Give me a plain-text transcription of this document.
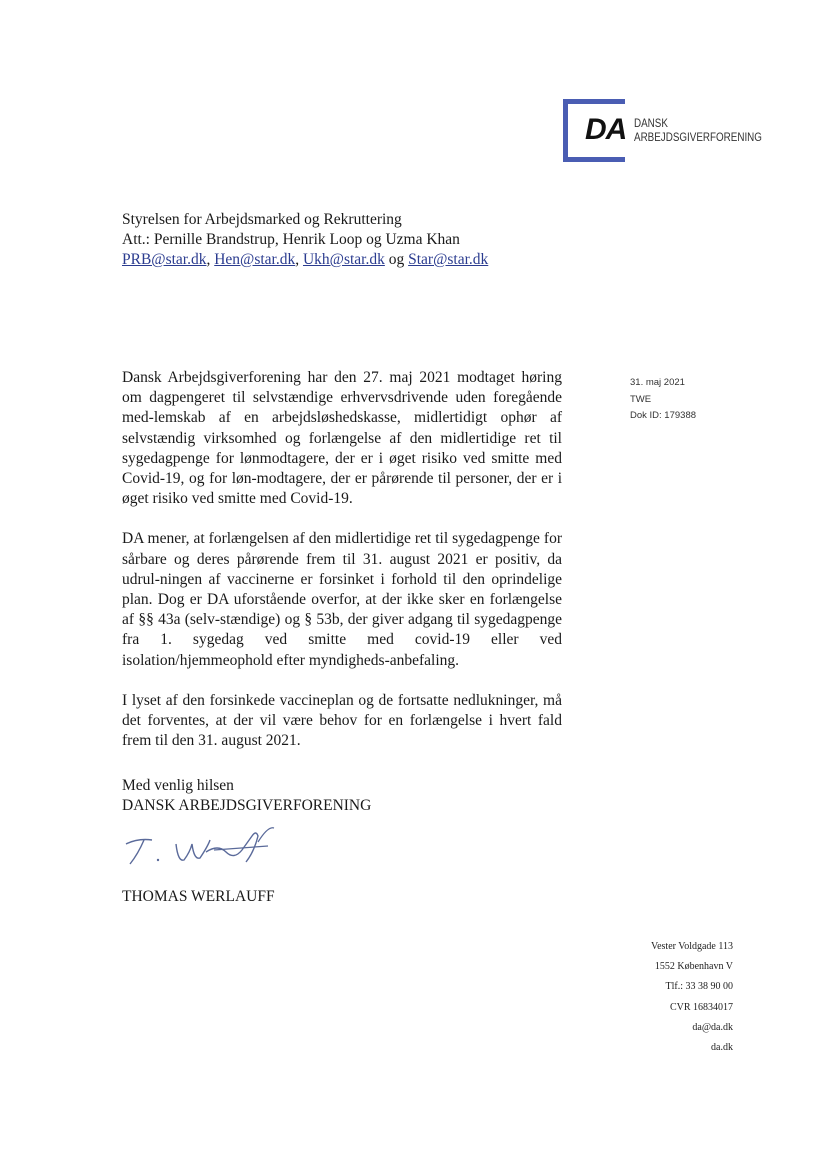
DA DANSK
ARBEJDSGIVERFORENING
Styrelsen for Arbejdsmarked og Rekruttering
Att.: Pernille Brandstrup, Henrik Loop og Uzma Khan
PRB@star.dk, Hen@star.dk, Ukh@star.dk og Star@star.dk
31. maj 2021
TWE
Dok ID: 179388

Dansk Arbejdsgiverforening har den 27. maj 2021 modtaget høring om dagpengeret til selvstændige erhvervsdrivende uden foregående med-lemskab af en arbejdsløshedskasse, midlertidigt ophør af selvstændig virksomhed og forlængelse af den midlertidige ret til sygedagpenge for lønmodtagere, der er i øget risiko ved smitte med Covid-19, og for løn-modtagere, der er pårørende til personer, der er i øget risiko ved smitte med Covid-19.

DA mener, at forlængelsen af den midlertidige ret til sygedagpenge for sårbare og deres pårørende frem til 31. august 2021 er positiv, da udrul-ningen af vaccinerne er forsinket i forhold til den oprindelige plan. Dog er DA uforstående overfor, at der ikke sker en forlængelse af §§ 43a (selv-stændige) og § 53b, der giver adgang til sygedagpenge fra 1. sygedag ved smitte med covid-19 eller ved isolation/hjemmeophold efter myndigheds-anbefaling.

I lyset af den forsinkede vaccineplan og de fortsatte nedlukninger, må det forventes, at der vil være behov for en forlængelse i hvert fald frem til den 31. august 2021.

Med venlig hilsen
DANSK ARBEJDSGIVERFORENING
THOMAS WERLAUFF
Vester Voldgade 113
1552 København V
Tlf.: 33 38 90 00
CVR 16834017
da@da.dk
da.dk
